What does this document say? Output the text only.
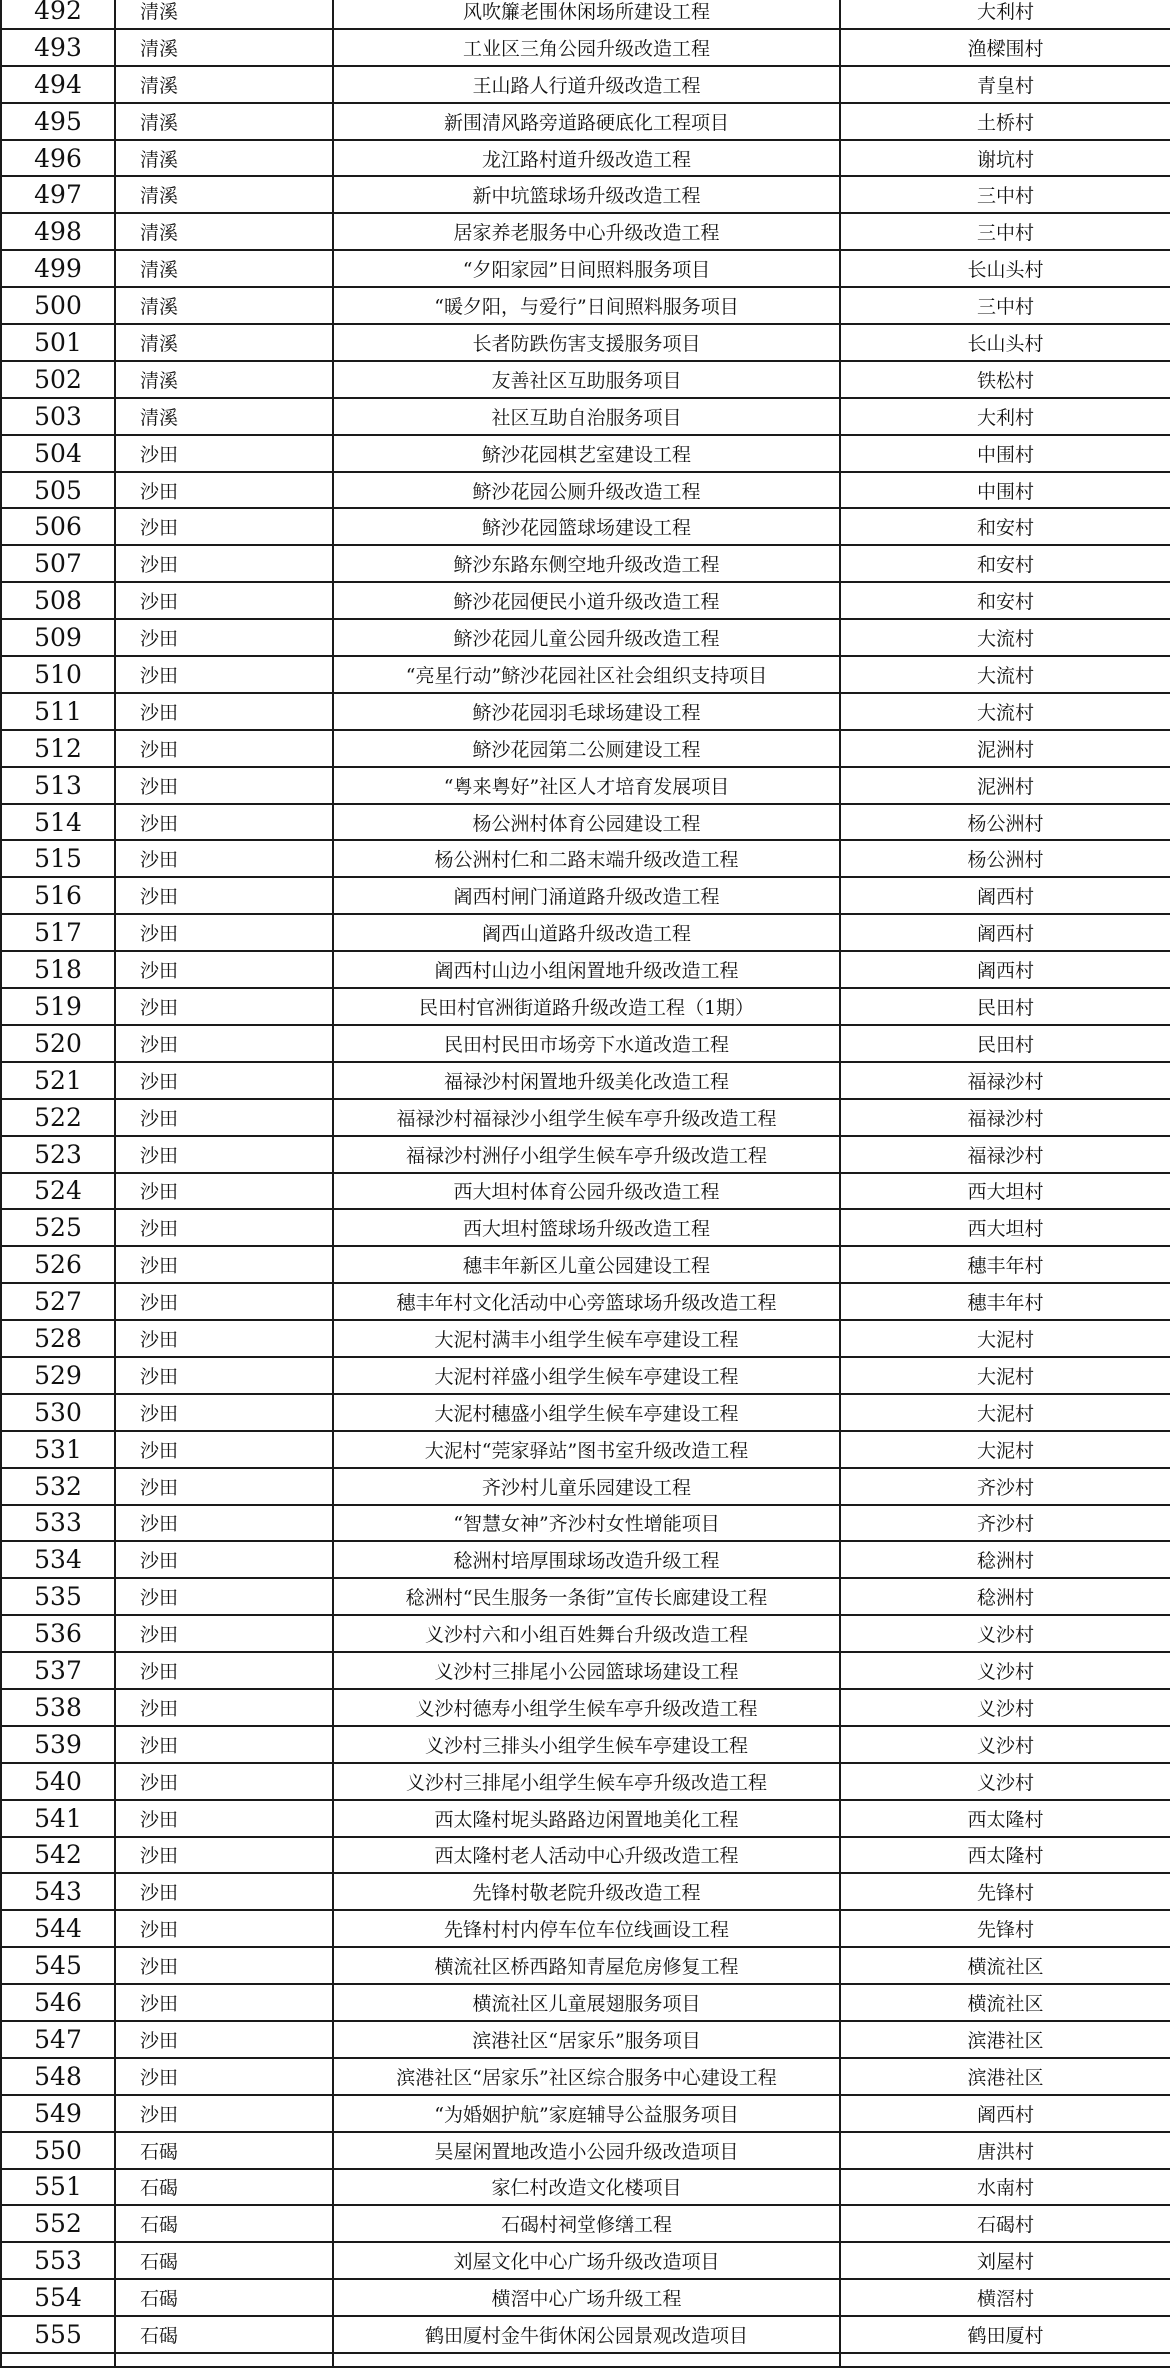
492	清溪	风吹簾老围休闲场所建设工程	大利村
493	清溪	工业区三角公园升级改造工程	渔樑围村
494	清溪	王山路人行道升级改造工程	青皇村
495	清溪	新围清风路旁道路硬底化工程项目	土桥村
496	清溪	龙江路村道升级改造工程	谢坑村
497	清溪	新中坑篮球场升级改造工程	三中村
498	清溪	居家养老服务中心升级改造工程	三中村
499	清溪	“夕阳家园”日间照料服务项目	长山头村
500	清溪	“暖夕阳，与爱行”日间照料服务项目	三中村
501	清溪	长者防跌伤害支援服务项目	长山头村
502	清溪	友善社区互助服务项目	铁松村
503	清溪	社区互助自治服务项目	大利村
504	沙田	鲚沙花园棋艺室建设工程	中围村
505	沙田	鲚沙花园公厕升级改造工程	中围村
506	沙田	鲚沙花园篮球场建设工程	和安村
507	沙田	鲚沙东路东侧空地升级改造工程	和安村
508	沙田	鲚沙花园便民小道升级改造工程	和安村
509	沙田	鲚沙花园儿童公园升级改造工程	大流村
510	沙田	“亮星行动”鲚沙花园社区社会组织支持项目	大流村
511	沙田	鲚沙花园羽毛球场建设工程	大流村
512	沙田	鲚沙花园第二公厕建设工程	泥洲村
513	沙田	“粤来粤好”社区人才培育发展项目	泥洲村
514	沙田	杨公洲村体育公园建设工程	杨公洲村
515	沙田	杨公洲村仁和二路末端升级改造工程	杨公洲村
516	沙田	阇西村闸门涌道路升级改造工程	阇西村
517	沙田	阇西山道路升级改造工程	阇西村
518	沙田	阇西村山边小组闲置地升级改造工程	阇西村
519	沙田	民田村官洲街道路升级改造工程（1期）	民田村
520	沙田	民田村民田市场旁下水道改造工程	民田村
521	沙田	福禄沙村闲置地升级美化改造工程	福禄沙村
522	沙田	福禄沙村福禄沙小组学生候车亭升级改造工程	福禄沙村
523	沙田	福禄沙村洲仔小组学生候车亭升级改造工程	福禄沙村
524	沙田	西大坦村体育公园升级改造工程	西大坦村
525	沙田	西大坦村篮球场升级改造工程	西大坦村
526	沙田	穗丰年新区儿童公园建设工程	穗丰年村
527	沙田	穗丰年村文化活动中心旁篮球场升级改造工程	穗丰年村
528	沙田	大泥村满丰小组学生候车亭建设工程	大泥村
529	沙田	大泥村祥盛小组学生候车亭建设工程	大泥村
530	沙田	大泥村穗盛小组学生候车亭建设工程	大泥村
531	沙田	大泥村“莞家驿站”图书室升级改造工程	大泥村
532	沙田	齐沙村儿童乐园建设工程	齐沙村
533	沙田	“智慧女神”齐沙村女性增能项目	齐沙村
534	沙田	稔洲村培厚围球场改造升级工程	稔洲村
535	沙田	稔洲村“民生服务一条街”宣传长廊建设工程	稔洲村
536	沙田	义沙村六和小组百姓舞台升级改造工程	义沙村
537	沙田	义沙村三排尾小公园篮球场建设工程	义沙村
538	沙田	义沙村德寿小组学生候车亭升级改造工程	义沙村
539	沙田	义沙村三排头小组学生候车亭建设工程	义沙村
540	沙田	义沙村三排尾小组学生候车亭升级改造工程	义沙村
541	沙田	西太隆村坭头路路边闲置地美化工程	西太隆村
542	沙田	西太隆村老人活动中心升级改造工程	西太隆村
543	沙田	先锋村敬老院升级改造工程	先锋村
544	沙田	先锋村村内停车位车位线画设工程	先锋村
545	沙田	横流社区桥西路知青屋危房修复工程	横流社区
546	沙田	横流社区儿童展翅服务项目	横流社区
547	沙田	滨港社区“居家乐”服务项目	滨港社区
548	沙田	滨港社区“居家乐”社区综合服务中心建设工程	滨港社区
549	沙田	“为婚姻护航”家庭辅导公益服务项目	阇西村
550	石碣	吴屋闲置地改造小公园升级改造项目	唐洪村
551	石碣	家仁村改造文化楼项目	水南村
552	石碣	石碣村祠堂修缮工程	石碣村
553	石碣	刘屋文化中心广场升级改造项目	刘屋村
554	石碣	横滘中心广场升级工程	横滘村
555	石碣	鹤田厦村金牛街休闲公园景观改造项目	鹤田厦村
